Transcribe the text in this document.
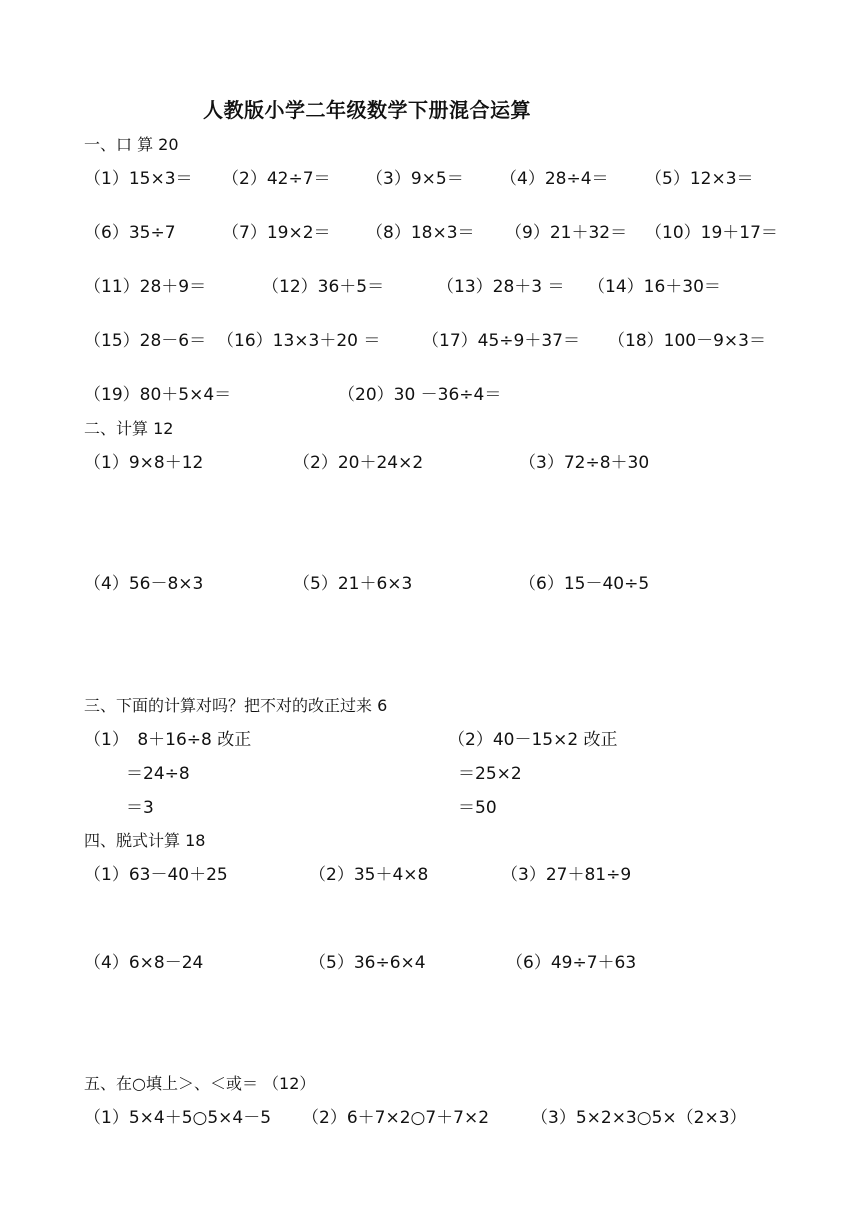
人教版小学二年级数学下册混合运算
一、口 算 20
（1）15×3＝ （2）42÷7＝ （3）9×5＝ （4）28÷4＝ （5）12×3＝
（6）35÷7	（7）19×2＝ （8）18×3＝ （9）21＋32＝ （10）19＋17＝
（11）28＋9＝	（12）36＋5＝	（13）28＋3 ＝ （14）16＋30＝
（15）28－6＝ （16）13×3＋20 ＝ （17）45÷9＋37＝ （18）100－9×3＝
（19）80＋5×4＝	（20）30 －36÷4＝
二、计算 12
（1）9×8＋12	（2）20＋24×2	（3）72÷8＋30
（4）56－8×3	（5）21＋6×3	（6）15－40÷5
三、下面的计算对吗？把不对的改正过来 6
（1）　8＋16÷8 改正
＝24÷8
＝3
（2）40－15×2 改正
＝25×2
＝50
四、脱式计算 18
（1）63－40＋25	（2）35＋4×8	（3）27＋81÷9
（4）6×8－24	（5）36÷6×4	（6）49÷7＋63
五、在○填上＞、＜或＝ （12）
（1）5×4＋5○5×4－5 （2）6＋7×2○7＋7×2 （3）5×2×3○5×（2×3）
